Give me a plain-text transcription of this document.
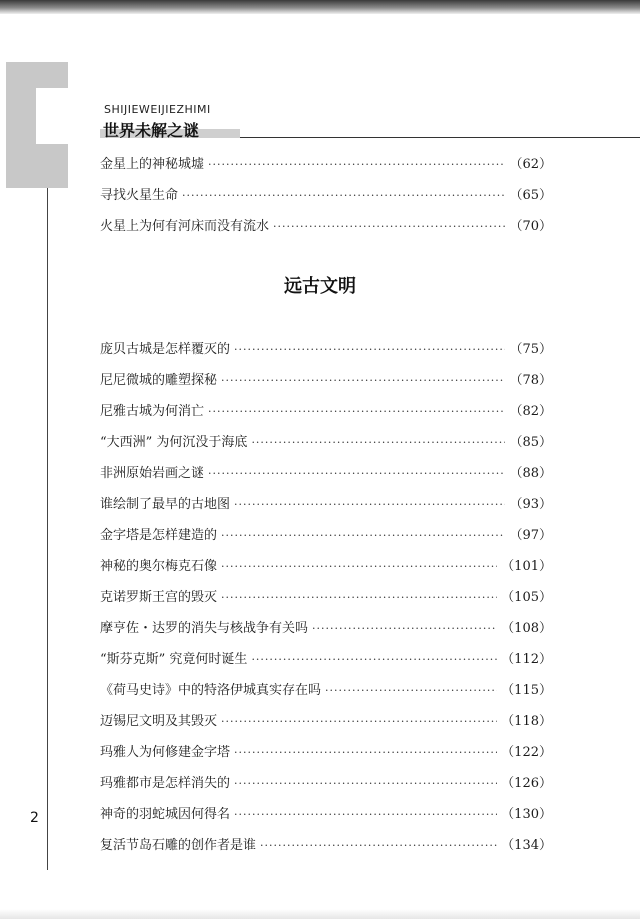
SHIJIEWEIJIEZHIMI
世界未解之谜
金星上的神秘城墟 ·····	（62）
寻找火星生命 ·····	（65）
火星上为何有河床而没有流水 ·····	（70）
远古文明
庞贝古城是怎样覆灭的 ·····	（75）
尼尼微城的雕塑探秘 ·····	（78）
尼雅古城为何消亡 ·····	（82）
“大西洲” 为何沉没于海底 ·····	（85）
非洲原始岩画之谜 ·····	（88）
谁绘制了最早的古地图 ·····	（93）
金字塔是怎样建造的 ·····	（97）
神秘的奥尔梅克石像 ·····	（101）
克诺罗斯王宫的毁灭 ·····	（105）
摩亨佐・达罗的消失与核战争有关吗 ·····	（108）
“斯芬克斯” 究竟何时诞生 ·····	（112）
《荷马史诗》中的特洛伊城真实存在吗 ·····	（115）
迈锡尼文明及其毁灭 ·····	（118）
玛雅人为何修建金字塔 ·····	（122）
玛雅都市是怎样消失的 ·····	（126）
神奇的羽蛇城因何得名 ·····	（130）
复活节岛石雕的创作者是谁 ·····	（134）
2
